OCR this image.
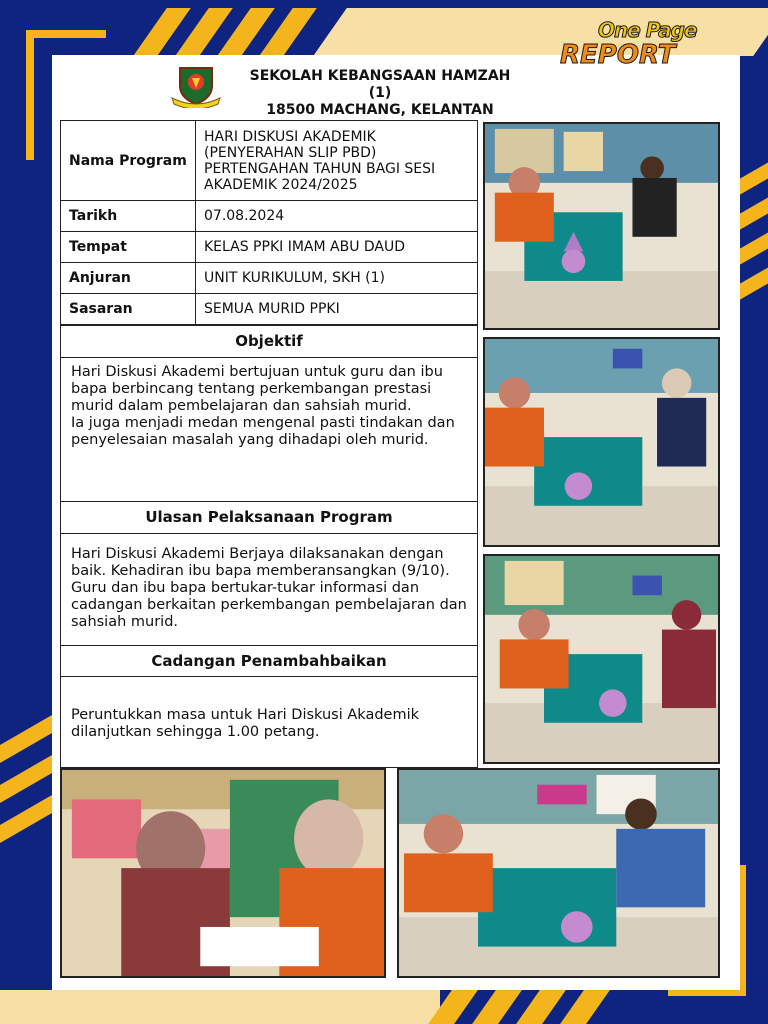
SEKOLAH KEBANGSAAN HAMZAH
(1)
18500 MACHANG, KELANTAN
One Page
REPORT
Nama Program	HARI DISKUSI AKADEMIK (PENYERAHAN SLIP PBD) PERTENGAHAN TAHUN BAGI SESI AKADEMIK 2024/2025
Tarikh	07.08.2024
Tempat	KELAS PPKI IMAM ABU DAUD
Anjuran	UNIT KURIKULUM, SKH (1)
Sasaran	SEMUA MURID PPKI
Objektif
Hari Diskusi Akademi bertujuan untuk guru dan ibu bapa berbincang tentang perkembangan prestasi murid dalam pembelajaran dan sahsiah murid.
Ia juga menjadi medan mengenal pasti tindakan dan penyelesaian masalah yang dihadapi oleh murid.
Ulasan Pelaksanaan Program
Hari Diskusi Akademi Berjaya dilaksanakan dengan baik. Kehadiran ibu bapa memberansangkan (9/10). Guru dan ibu bapa bertukar-tukar informasi dan cadangan berkaitan perkembangan pembelajaran dan sahsiah murid.
Cadangan Penambahbaikan
Peruntukkan masa untuk Hari Diskusi Akademik dilanjutkan sehingga 1.00 petang.
